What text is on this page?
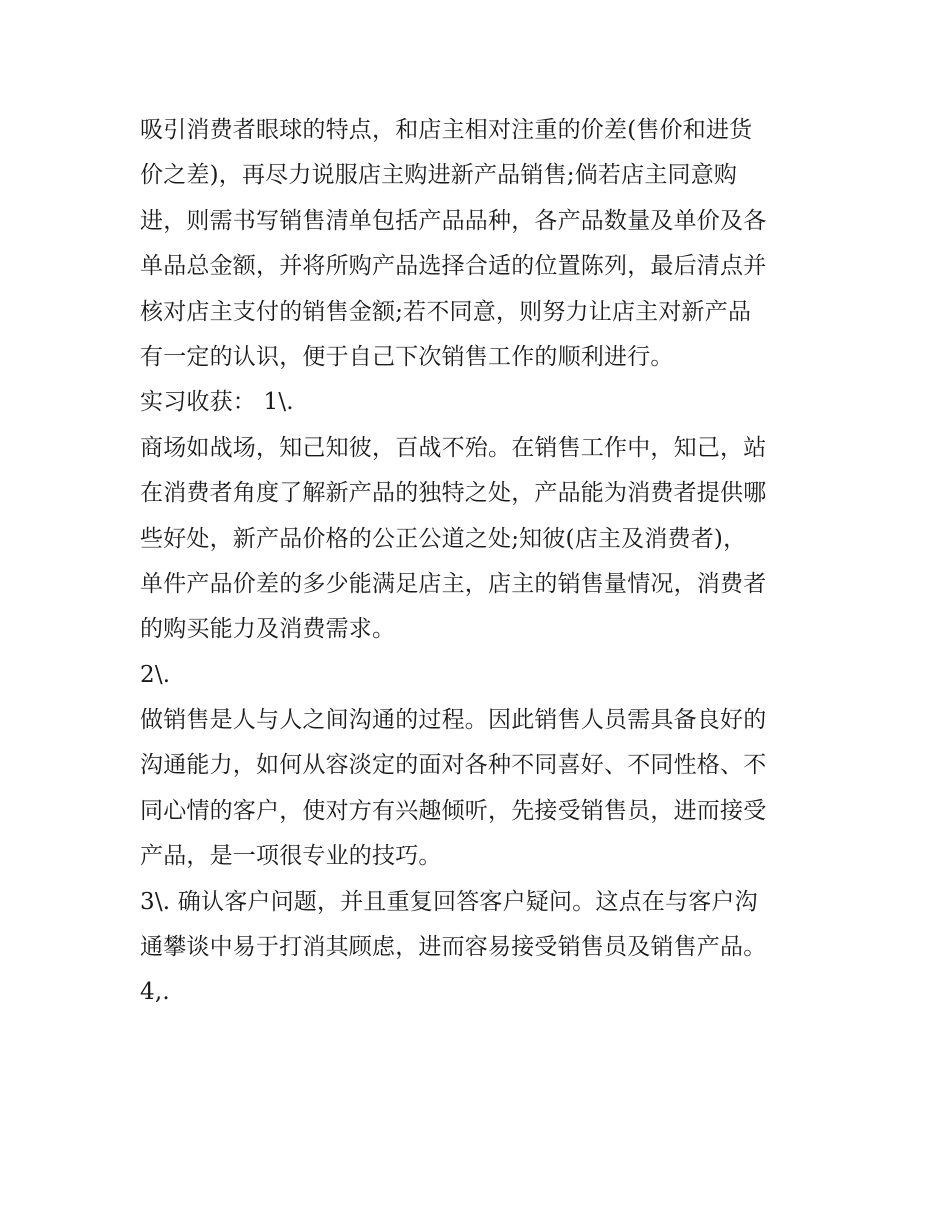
吸引消费者眼球的特点，和店主相对注重的价差(售价和进货
价之差)，再尽力说服店主购进新产品销售;倘若店主同意购
进，则需书写销售清单包括产品品种，各产品数量及单价及各
单品总金额，并将所购产品选择合适的位置陈列，最后清点并
核对店主支付的销售金额;若不同意，则努力让店主对新产品
有一定的认识，便于自己下次销售工作的顺利进行。
实习收获： 1\.
商场如战场，知己知彼，百战不殆。在销售工作中，知己，站
在消费者角度了解新产品的独特之处，产品能为消费者提供哪
些好处，新产品价格的公正公道之处;知彼(店主及消费者)，
单件产品价差的多少能满足店主，店主的销售量情况，消费者
的购买能力及消费需求。
2\.
做销售是人与人之间沟通的过程。因此销售人员需具备良好的
沟通能力，如何从容淡定的面对各种不同喜好、不同性格、不
同心情的客户，使对方有兴趣倾听，先接受销售员，进而接受
产品，是一项很专业的技巧。
3\. 确认客户问题，并且重复回答客户疑问。这点在与客户沟
通攀谈中易于打消其顾虑，进而容易接受销售员及销售产品。
4,.
